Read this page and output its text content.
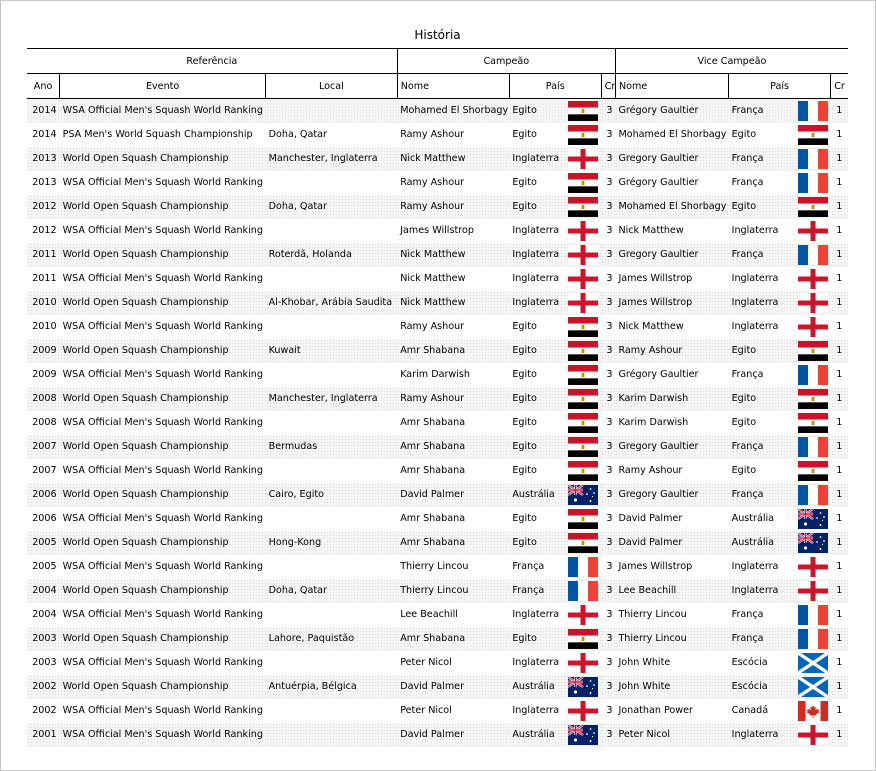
História
Referência			Campeão			Vice Campeão		
Ano	Evento	Local	Nome	País	Cr	Nome	País	Cr
2014	WSA Official Men's Squash World Ranking		Mohamed El Shorbagy	Egito	3	Grégory Gaultier	França	1
2014	PSA Men's World Squash Championship	Doha, Qatar	Ramy Ashour	Egito	3	Mohamed El Shorbagy	Egito	1
2013	World Open Squash Championship	Manchester, Inglaterra	Nick Matthew	Inglaterra	3	Gregory Gaultier	França	1
2013	WSA Official Men's Squash World Ranking		Ramy Ashour	Egito	3	Grégory Gaultier	França	1
2012	World Open Squash Championship	Doha, Qatar	Ramy Ashour	Egito	3	Mohamed El Shorbagy	Egito	1
2012	WSA Official Men's Squash World Ranking		James Willstrop	Inglaterra	3	Nick Matthew	Inglaterra	1
2011	World Open Squash Championship	Roterdã, Holanda	Nick Matthew	Inglaterra	3	Gregory Gaultier	França	1
2011	WSA Official Men's Squash World Ranking		Nick Matthew	Inglaterra	3	James Willstrop	Inglaterra	1
2010	World Open Squash Championship	Al-Khobar, Arábia Saudita	Nick Matthew	Inglaterra	3	James Willstrop	Inglaterra	1
2010	WSA Official Men's Squash World Ranking		Ramy Ashour	Egito	3	Nick Matthew	Inglaterra	1
2009	World Open Squash Championship	Kuwait	Amr Shabana	Egito	3	Ramy Ashour	Egito	1
2009	WSA Official Men's Squash World Ranking		Karim Darwish	Egito	3	Grégory Gaultier	França	1
2008	World Open Squash Championship	Manchester, Inglaterra	Ramy Ashour	Egito	3	Karim Darwish	Egito	1
2008	WSA Official Men's Squash World Ranking		Amr Shabana	Egito	3	Karim Darwish	Egito	1
2007	World Open Squash Championship	Bermudas	Amr Shabana	Egito	3	Gregory Gaultier	França	1
2007	WSA Official Men's Squash World Ranking		Amr Shabana	Egito	3	Ramy Ashour	Egito	1
2006	World Open Squash Championship	Cairo, Egito	David Palmer	Austrália	3	Gregory Gaultier	França	1
2006	WSA Official Men's Squash World Ranking		Amr Shabana	Egito	3	David Palmer	Austrália	1
2005	World Open Squash Championship	Hong-Kong	Amr Shabana	Egito	3	David Palmer	Austrália	1
2005	WSA Official Men's Squash World Ranking		Thierry Lincou	França	3	James Willstrop	Inglaterra	1
2004	World Open Squash Championship	Doha, Qatar	Thierry Lincou	França	3	Lee Beachill	Inglaterra	1
2004	WSA Official Men's Squash World Ranking		Lee Beachill	Inglaterra	3	Thierry Lincou	França	1
2003	World Open Squash Championship	Lahore, Paquistão	Amr Shabana	Egito	3	Thierry Lincou	França	1
2003	WSA Official Men's Squash World Ranking		Peter Nicol	Inglaterra	3	John White	Escócia	1
2002	World Open Squash Championship	Antuérpia, Bélgica	David Palmer	Austrália	3	John White	Escócia	1
2002	WSA Official Men's Squash World Ranking		Peter Nicol	Inglaterra	3	Jonathan Power	Canadá	1
2001	WSA Official Men's Squash World Ranking		David Palmer	Austrália	3	Peter Nicol	Inglaterra	1
